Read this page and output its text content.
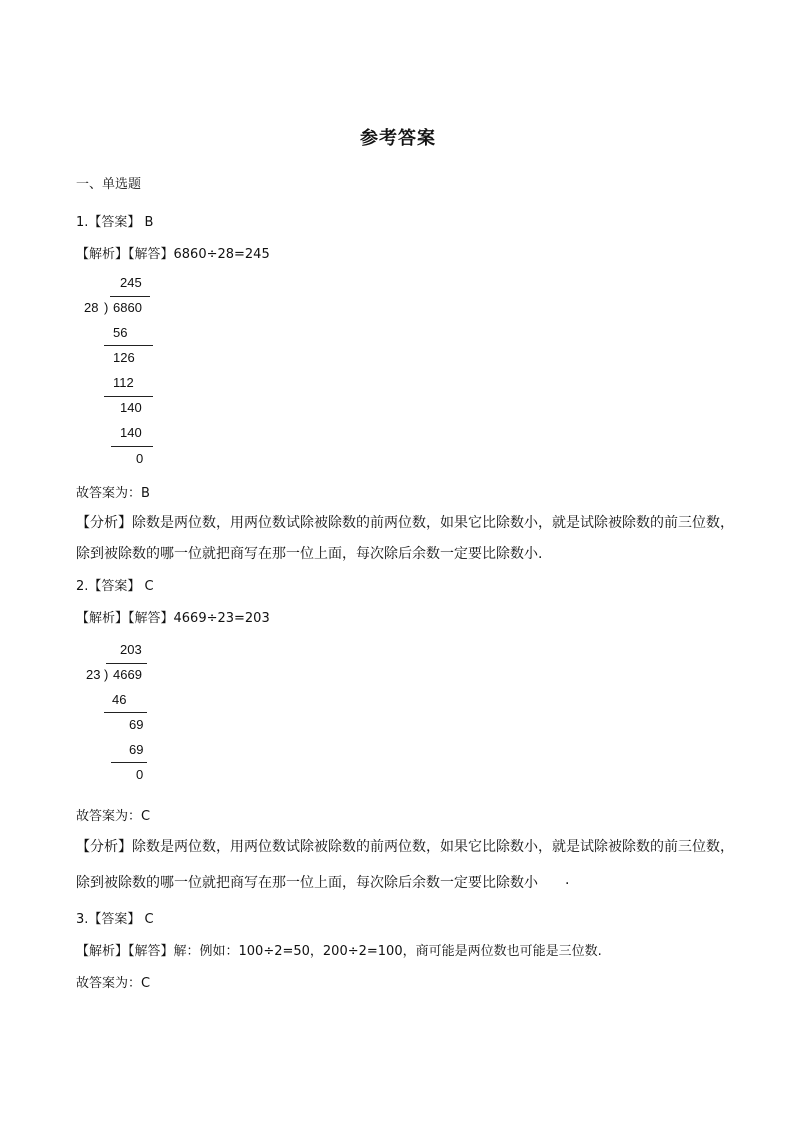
参考答案
一、单选题
1.【答案】 B
【解析】【解答】6860÷28=245
245
28 ) 6860
56
126
112
140
140
0
故答案为：B
【分析】除数是两位数，用两位数试除被除数的前两位数，如果它比除数小，就是试除被除数的前三位数，
除到被除数的哪一位就把商写在那一位上面，每次除后余数一定要比除数小.
2.【答案】 C
【解析】【解答】4669÷23=203
203
23 ) 4669
46
69
69
0
故答案为：C
【分析】除数是两位数，用两位数试除被除数的前两位数，如果它比除数小，就是试除被除数的前三位数，
除到被除数的哪一位就把商写在那一位上面，每次除后余数一定要比除数小 .
3.【答案】 C
【解析】【解答】解：例如：100÷2=50，200÷2=100，商可能是两位数也可能是三位数.
故答案为：C
